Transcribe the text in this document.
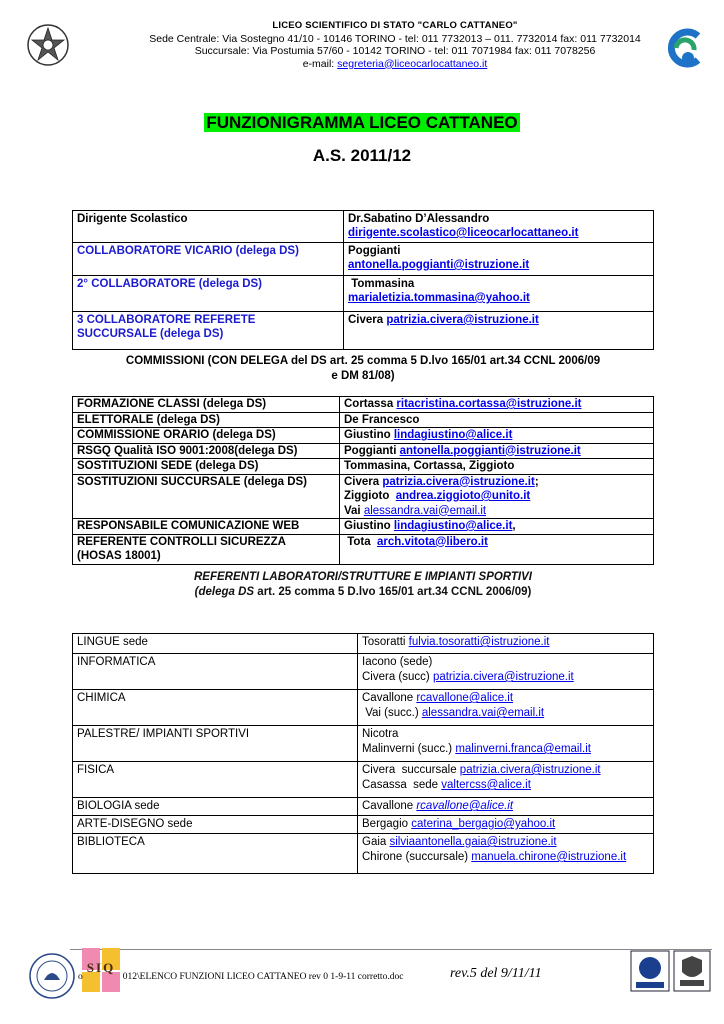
LICEO SCIENTIFICO DI STATO "CARLO CATTANEO"
Sede Centrale: Via Sostegno 41/10 - 10146 TORINO - tel: 011 7732013 – 011. 7732014 fax: 011 7732014
Succursale: Via Postumia 57/60 - 10142 TORINO - tel: 011 7071984 fax: 011 7078256
e-mail: segreteria@liceocarlocattaneo.it
FUNZIONIGRAMMA LICEO CATTANEO
A.S. 2011/12
Dirigente Scolastico	Dr.Sabatino D’Alessandro
dirigente.scolastico@liceocarlocattaneo.it
COLLABORATORE VICARIO (delega DS)	Poggianti
antonella.poggianti@istruzione.it
2° COLLABORATORE (delega DS)	Tommasina
marialetizia.tommasina@yahoo.it

3 COLLABORATORE REFERETE
SUCCURSALE (delega DS)	Civera patrizia.civera@istruzione.it
COMMISSIONI (CON DELEGA del DS art. 25 comma 5 D.lvo 165/01 art.34 CCNL 2006/09
e DM 81/08)
FORMAZIONE CLASSI (delega DS)	Cortassa ritacristina.cortassa@istruzione.it
ELETTORALE (delega DS)	De Francesco
COMMISSIONE ORARIO (delega DS)	Giustino lindagiustino@alice.it
RSGQ Qualità ISO 9001:2008(delega DS)	Poggianti antonella.poggianti@istruzione.it
SOSTITUZIONI SEDE (delega DS)	Tommasina, Cortassa, Ziggioto
SOSTITUZIONI SUCCURSALE (delega DS)	Civera patrizia.civera@istruzione.it;
Ziggioto  andrea.ziggioto@unito.it
Vai alessandra.vai@email.it

RESPONSABILE COMUNICAZIONE WEB	Giustino lindagiustino@alice.it,

REFERENTE CONTROLLI SICUREZZA
(HOSAS 18001)	Tota  arch.vitota@libero.it
REFERENTI LABORATORI/STRUTTURE E IMPIANTI SPORTIVI
(delega DS art. 25 comma 5 D.lvo 165/01 art.34 CCNL 2006/09)
LINGUE sede	Tosoratti fulvia.tosoratti@istruzione.it
INFORMATICA	Iacono (sede)
Civera (succ) patrizia.civera@istruzione.it

CHIMICA	Cavallone rcavallone@alice.it
Vai (succ.) alessandra.vai@email.it

PALESTRE/ IMPIANTI SPORTIVI	Nicotra
Malinverni (succ.) malinverni.franca@email.it

FISICA	Civera  succursale patrizia.civera@istruzione.it
Casassa  sede valtercss@alice.it

BIOLOGIA sede	Cavallone rcavallone@alice.it
ARTE-DISEGNO sede	Bergagio caterina_bergagio@yahoo.it
BIBLIOTECA	Gaia silviaantonella.gaia@istruzione.it
Chirone (succursale) manuela.chirone@istruzione.it
SIQ
o	012\ELENCO FUNZIONI LICEO CATTANEO rev 0 1-9-11 corretto.doc	rev.5 del 9/11/11
